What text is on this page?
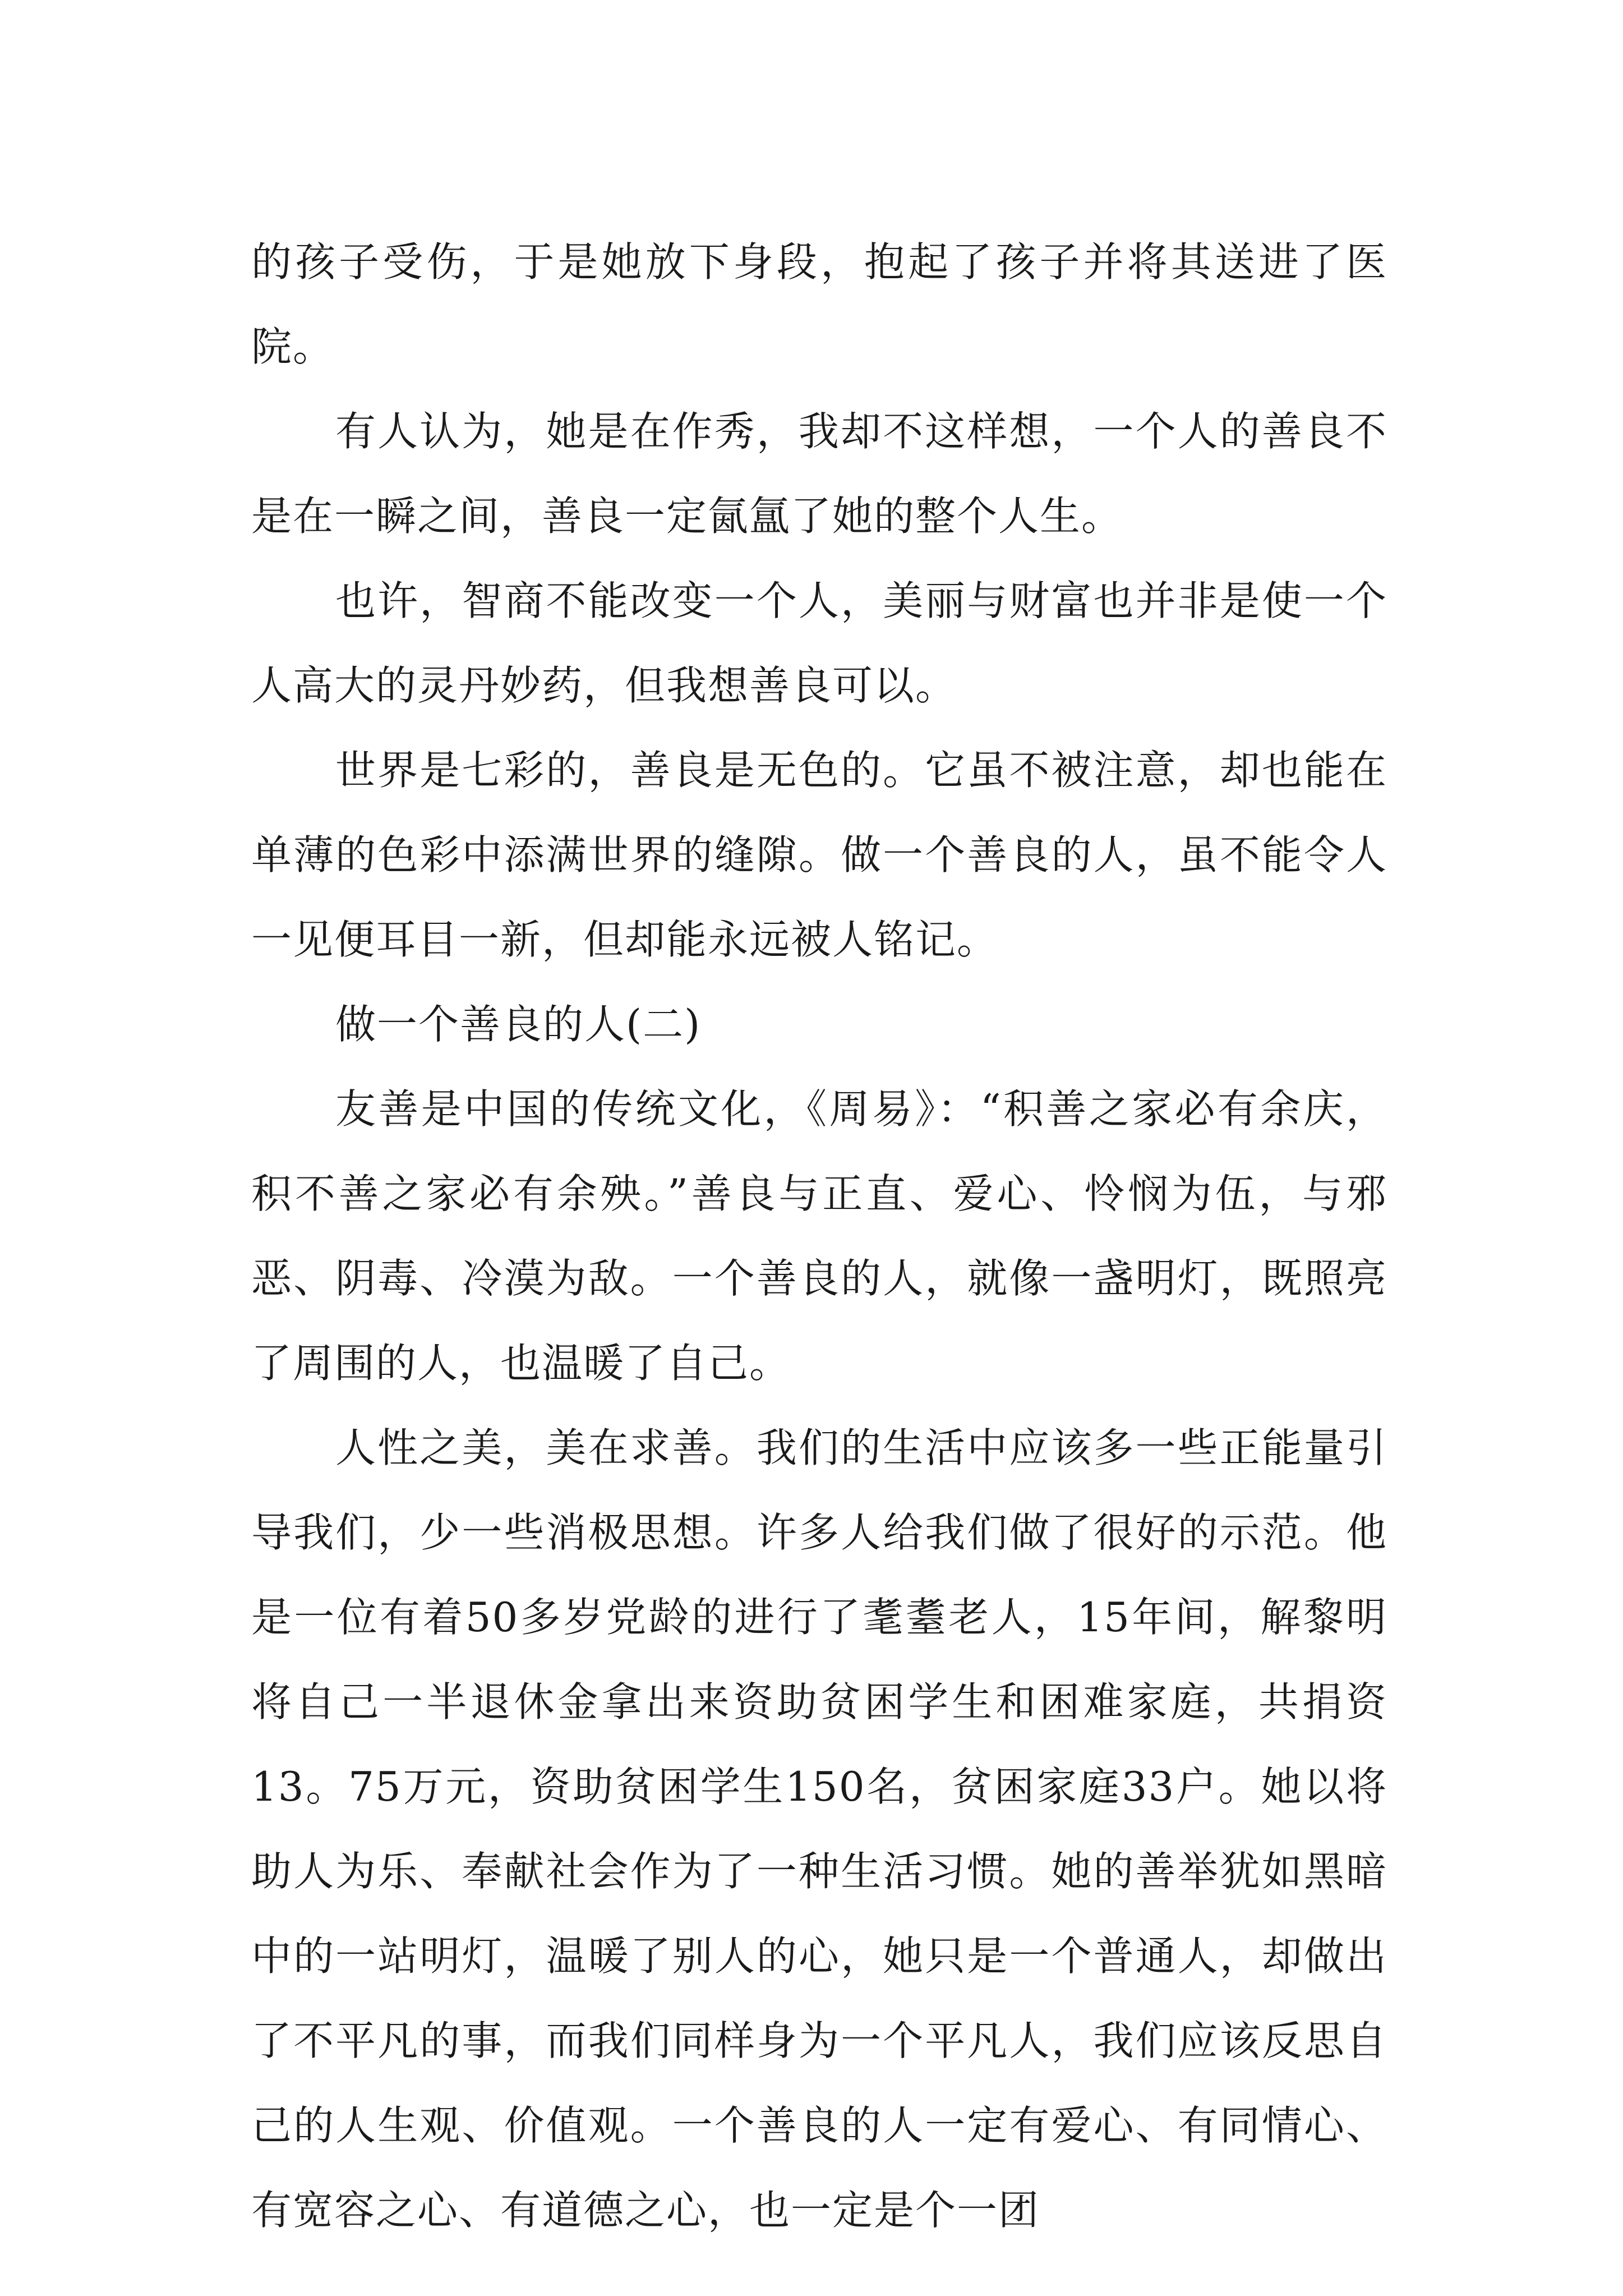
的孩子受伤，于是她放下身段，抱起了孩子并将其送进了医院。

有人认为，她是在作秀，我却不这样想，一个人的善良不是在一瞬之间，善良一定氤氲了她的整个人生。

也许，智商不能改变一个人，美丽与财富也并非是使一个人高大的灵丹妙药，但我想善良可以。

世界是七彩的，善良是无色的。它虽不被注意，却也能在单薄的色彩中添满世界的缝隙。做一个善良的人，虽不能令人一见便耳目一新，但却能永远被人铭记。

做一个善良的人(二)

友善是中国的传统文化，《周易》：“积善之家必有余庆，积不善之家必有余殃。”善良与正直、爱心、怜悯为伍，与邪恶、阴毒、冷漠为敌。一个善良的人，就像一盏明灯，既照亮了周围的人，也温暖了自己。

人性之美，美在求善。我们的生活中应该多一些正能量引导我们，少一些消极思想。许多人给我们做了很好的示范。他是一位有着50多岁党龄的进行了耄耋老人，15年间，解黎明将自己一半退休金拿出来资助贫困学生和困难家庭，共捐资13。75万元，资助贫困学生150名，贫困家庭33户。她以将助人为乐、奉献社会作为了一种生活习惯。她的善举犹如黑暗中的一站明灯，温暖了别人的心，她只是一个普通人，却做出了不平凡的事，而我们同样身为一个平凡人，我们应该反思自己的人生观、价值观。一个善良的人一定有爱心、有同情心、有宽容之心、有道德之心，也一定是个一团
